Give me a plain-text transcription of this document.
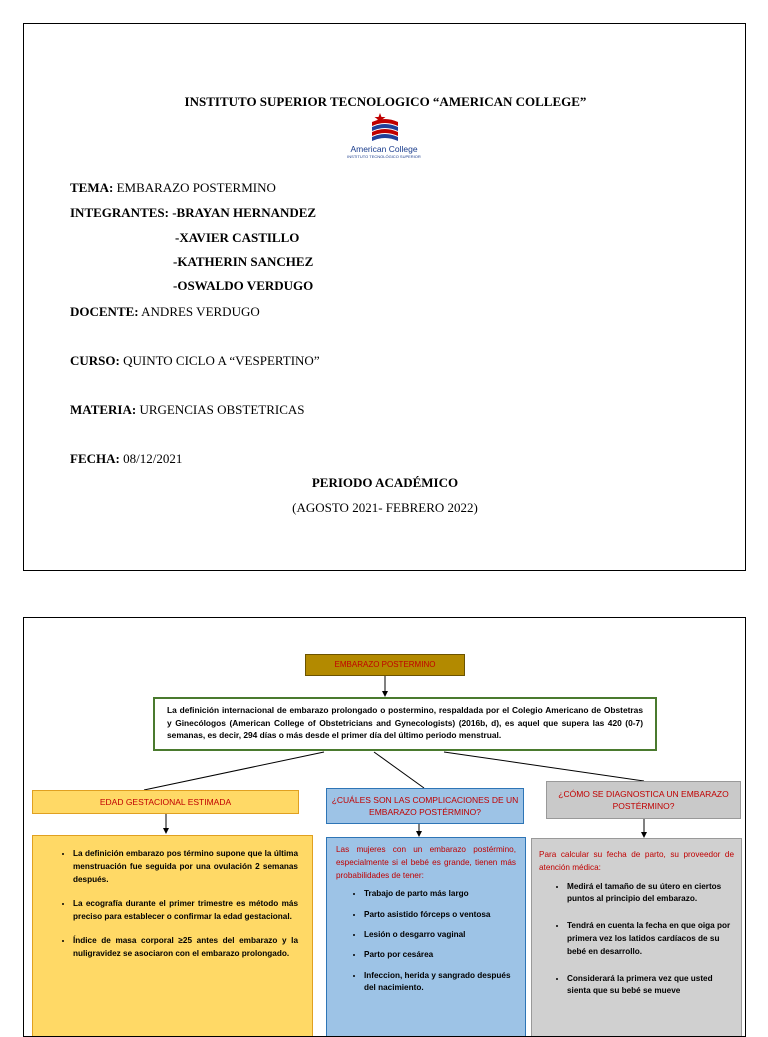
INSTITUTO SUPERIOR TECNOLOGICO “AMERICAN COLLEGE”
American College
INSTITUTO TECNOLÓGICO SUPERIOR
TEMA: EMBARAZO POSTERMINO
INTEGRANTES: -BRAYAN HERNANDEZ
-XAVIER CASTILLO
-KATHERIN SANCHEZ
-OSWALDO VERDUGO
DOCENTE: ANDRES VERDUGO
CURSO: QUINTO CICLO A “VESPERTINO”
MATERIA: URGENCIAS OBSTETRICAS
FECHA: 08/12/2021
PERIODO ACADÉMICO
(AGOSTO 2021- FEBRERO 2022)
EMBARAZO POSTERMINO
La definición internacional de embarazo prolongado o postermino, respaldada por el Colegio Americano de Obstetras y Ginecólogos (American College of Obstetricians and Gynecologists) (2016b, d), es aquel que supera las 420 (0-7) semanas, es decir, 294 días o más desde el primer día del último periodo menstrual.
EDAD GESTACIONAL ESTIMADA	¿CUÁLES SON LAS COMPLICACIONES DE UN EMBARAZO POSTÉRMINO?
¿CÓMO SE DIAGNOSTICA UN EMBARAZO POSTÉRMINO?
• La definición embarazo pos término supone que la última menstruación fue seguida por una ovulación 2 semanas después.
• La ecografía durante el primer trimestre es método más preciso para establecer o confirmar la edad gestacional.
• Índice de masa corporal ≥25 antes del embarazo y la nuligravidez se asociaron con el embarazo prolongado.
Las mujeres con un embarazo postérmino, especialmente si el bebé es grande, tienen más probabilidades de tener:
• Trabajo de parto más largo
• Parto asistido fórceps o ventosa
• Lesión o desgarro vaginal
• Parto por cesárea
• Infeccion, herida y sangrado después del nacimiento.
Para calcular su fecha de parto, su proveedor de atención médica:
• Medirá el tamaño de su útero en ciertos puntos al principio del embarazo.
• Tendrá en cuenta la fecha en que oiga por primera vez los latidos cardíacos de su bebé en desarrollo.
• Considerará la primera vez que usted sienta que su bebé se mueve
